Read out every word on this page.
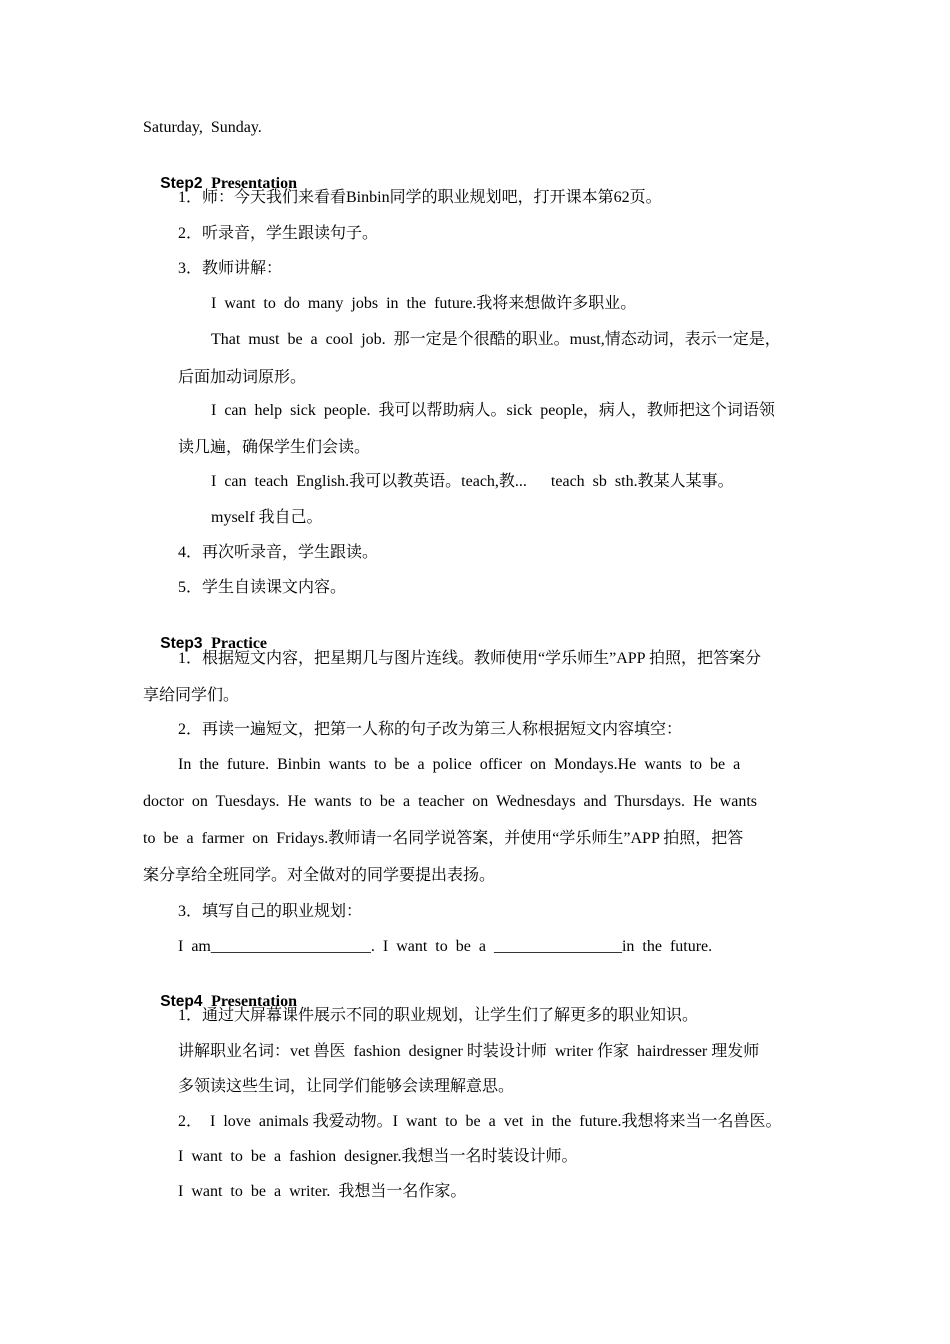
Saturday,  Sunday.

Step2 Presentation

1．师：今天我们来看看Binbin同学的职业规划吧，打开课本第62页。
2．听录音，学生跟读句子。
3．教师讲解：
I  want  to  do  many  jobs  in  the  future.我将来想做许多职业。
That  must  be  a  cool  job.  那一定是个很酷的职业。must,情态动词，表示一定是，
后面加动词原形。
I  can  help  sick  people.  我可以帮助病人。sick  people，病人，教师把这个词语领
读几遍，确保学生们会读。
I  can  teach  English.我可以教英语。teach,教...      teach  sb  sth.教某人某事。
myself 我自己。
4．再次听录音，学生跟读。
5．学生自读课文内容。

Step3 Practice

1．根据短文内容，把星期几与图片连线。教师使用“学乐师生”APP 拍照，把答案分
享给同学们。
2．再读一遍短文，把第一人称的句子改为第三人称根据短文内容填空：
In  the  future.  Binbin  wants  to  be  a  police  officer  on  Mondays.He  wants  to  be  a
doctor  on  Tuesdays.  He  wants  to  be  a  teacher  on  Wednesdays  and  Thursdays.  He  wants
to  be  a  farmer  on  Fridays.教师请一名同学说答案，并使用“学乐师生”APP 拍照，把答
案分享给全班同学。对全做对的同学要提出表扬。
3．填写自己的职业规划：
I  am____________________.  I  want  to  be  a  ________________in  the  future.

Step4 Presentation

1．通过大屏幕课件展示不同的职业规划，让学生们了解更多的职业知识。
讲解职业名词：vet 兽医  fashion  designer 时装设计师  writer 作家  hairdresser 理发师
多领读这些生词，让同学们能够会读理解意思。
2．  I  love  animals 我爱动物。I  want  to  be  a  vet  in  the  future.我想将来当一名兽医。
I  want  to  be  a  fashion  designer.我想当一名时装设计师。
I  want  to  be  a  writer.  我想当一名作家。
